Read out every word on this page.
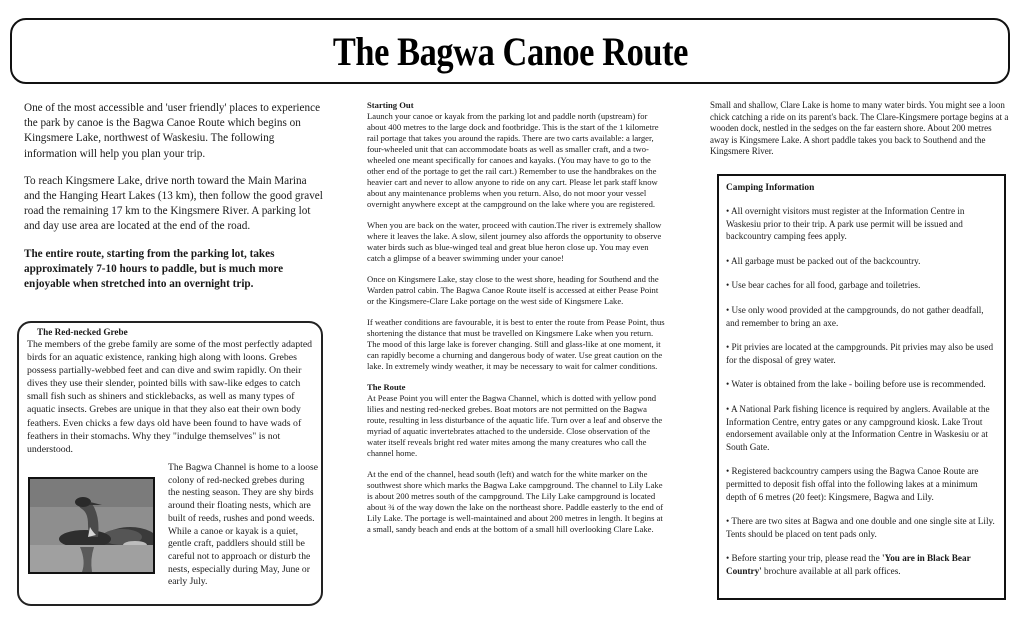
The Bagwa Canoe Route

One of the most accessible and 'user friendly' places to experience the park by canoe is the Bagwa Canoe Route which begins on Kingsmere Lake, northwest of Waskesiu. The following information will help you plan your trip.

To reach Kingsmere Lake, drive north toward the Main Marina and the Hanging Heart Lakes (13 km), then follow the good gravel road the remaining 17 km to the Kingsmere River. A parking lot and day use area are located at the end of the road.

The entire route, starting from the parking lot, takes approximately 7-10 hours to paddle, but is much more enjoyable when stretched into an overnight trip.

The Red-necked Grebe

The members of the grebe family are some of the most perfectly adapted birds for an aquatic existence, ranking high along with loons. Grebes possess partially-webbed feet and can dive and swim rapidly. On their dives they use their slender, pointed bills with saw-like edges to catch small fish such as shiners and sticklebacks, as well as many types of aquatic insects. Grebes are unique in that they also eat their own body feathers. Even chicks a few days old have been found to have wads of feathers in their stomachs. Why they "indulge themselves" is not understood.

The Bagwa Channel is home to a loose colony of red-necked grebes during the nesting season. They are shy birds around their floating nests, which are built of reeds, rushes and pond weeds. While a canoe or kayak is a quiet, gentle craft, paddlers should still be careful not to approach or disturb the nests, especially during May, June or early July.

Starting Out

Launch your canoe or kayak from the parking lot and paddle north (upstream) for about 400 metres to the large dock and footbridge. This is the start of the 1 kilometre rail portage that takes you around the rapids. There are two carts available: a larger, four-wheeled unit that can accommodate boats as well as smaller craft, and a two-wheeled one meant specifically for canoes and kayaks. (You may have to go to the other end of the portage to get the rail cart.) Remember to use the handbrakes on the heavier cart and never to allow anyone to ride on any cart. Please let park staff know about any maintenance problems when you return. Also, do not moor your vessel overnight anywhere except at the campground on the lake where you are registered.

When you are back on the water, proceed with caution.The river is extremely shallow where it leaves the lake. A slow, silent journey also affords the opportunity to observe water birds such as blue-winged teal and great blue heron close up. You may even catch a glimpse of a beaver swimming under your canoe!

Once on Kingsmere Lake, stay close to the west shore, heading for Southend and the Warden patrol cabin. The Bagwa Canoe Route itself is accessed at either Pease Point or the Kingsmere-Clare Lake portage on the west side of Kingsmere Lake.

If weather conditions are favourable, it is best to enter the route from Pease Point, thus shortening the distance that must be travelled on Kingsmere Lake when you return. The mood of this large lake is forever changing. Still and glass-like at one moment, it can rapidly become a churning and dangerous body of water. Use great caution on the lake. In extremely windy weather, it may be necessary to wait for calmer conditions.

The Route

At Pease Point you will enter the Bagwa Channel, which is dotted with yellow pond lilies and nesting red-necked grebes. Boat motors are not permitted on the Bagwa route, resulting in less disturbance of the aquatic life. Turn over a leaf and observe the myriad of aquatic invertebrates attached to the underside. Close observation of the water itself reveals bright red water mites among the many creatures who call the channel home.

At the end of the channel, head south (left) and watch for the white marker on the southwest shore which marks the Bagwa Lake campground. The channel to Lily Lake is about 200 metres south of the campground. The Lily Lake campground is located about ¾ of the way down the lake on the northeast shore. Paddle easterly to the end of Lily Lake. The portage is well-maintained and about 200 metres in length. It begins at a small, sandy beach and ends at the bottom of a small hill overlooking Clare Lake.

Small and shallow, Clare Lake is home to many water birds. You might see a loon chick catching a ride on its parent's back. The Clare-Kingsmere portage begins at a wooden dock, nestled in the sedges on the far eastern shore. About 200 metres away is Kingsmere Lake. A short paddle takes you back to Southend and the Kingsmere River.

Camping Information

• All overnight visitors must register at the Information Centre in Waskesiu prior to their trip. A park use permit will be issued and backcountry camping fees apply.

• All garbage must be packed out of the backcountry.

• Use bear caches for all food, garbage and toiletries.

• Use only wood provided at the campgrounds, do not gather deadfall, and remember to bring an axe.

• Pit privies are located at the campgrounds. Pit privies may also be used for the disposal of grey water.

• Water is obtained from the lake - boiling before use is recommended.

• A National Park fishing licence is required by anglers. Available at the Information Centre, entry gates or any campground kiosk. Lake Trout endorsement available only at the Information Centre in Waskesiu or at South Gate.

• Registered backcountry campers using the Bagwa Canoe Route are permitted to deposit fish offal into the following lakes at a minimum depth of 6 metres (20 feet): Kingsmere, Bagwa and Lily.

• There are two sites at Bagwa and one double and one single site at Lily. Tents should be placed on tent pads only.

• Before starting your trip, please read the 'You are in Black Bear Country' brochure available at all park offices.
